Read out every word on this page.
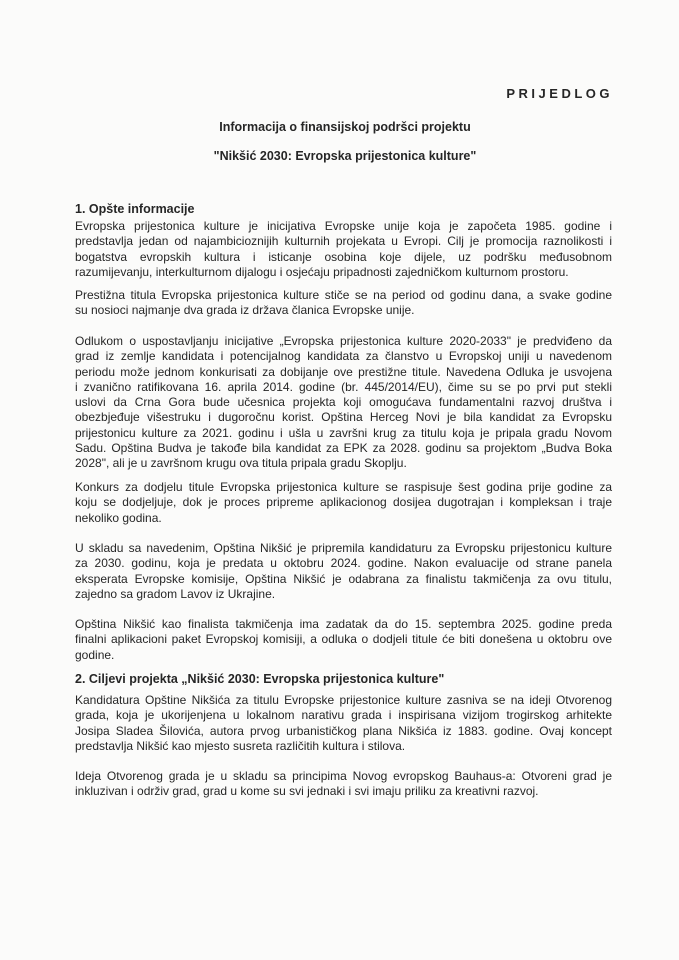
PRIJEDLOG
Informacija o finansijskoj podršci projektu
"Nikšić 2030: Evropska prijestonica kulture"
1. Opšte informacije
Evropska prijestonica kulture je inicijativa Evropske unije koja je započeta 1985. godine i
predstavlja jedan od najambicioznijih kulturnih projekata u Evropi. Cilj je promocija raznolikosti i
bogatstva evropskih kultura i isticanje osobina koje dijele, uz podršku međusobnom
razumijevanju, interkulturnom dijalogu i osjećaju pripadnosti zajedničkom kulturnom prostoru.
Prestižna titula Evropska prijestonica kulture stiče se na period od godinu dana, a svake godine
su nosioci najmanje dva grada iz država članica Evropske unije.
Odlukom o uspostavljanju inicijative „Evropska prijestonica kulture 2020-2033" je predviđeno da
grad iz zemlje kandidata i potencijalnog kandidata za članstvo u Evropskoj uniji u navedenom
periodu može jednom konkurisati za dobijanje ove prestižne titule. Navedena Odluka je usvojena
i zvanično ratifikovana 16. aprila 2014. godine (br. 445/2014/EU), čime su se po prvi put stekli
uslovi da Crna Gora bude učesnica projekta koji omogućava fundamentalni razvoj društva i
obezbjeđuje višestruku i dugoročnu korist. Opština Herceg Novi je bila kandidat za Evropsku
prijestonicu kulture za 2021. godinu i ušla u završni krug za titulu koja je pripala gradu Novom
Sadu. Opština Budva je takođe bila kandidat za EPK za 2028. godinu sa projektom „Budva Boka
2028", ali je u završnom krugu ova titula pripala gradu Skoplju.
Konkurs za dodjelu titule Evropska prijestonica kulture se raspisuje šest godina prije godine za
koju se dodjeljuje, dok je proces pripreme aplikacionog dosijea dugotrajan i kompleksan i traje
nekoliko godina.
U skladu sa navedenim, Opština Nikšić je pripremila kandidaturu za Evropsku prijestonicu kulture
za 2030. godinu, koja je predata u oktobru 2024. godine. Nakon evaluacije od strane panela
eksperata Evropske komisije, Opština Nikšić je odabrana za finalistu takmičenja za ovu titulu,
zajedno sa gradom Lavov iz Ukrajine.
Opština Nikšić kao finalista takmičenja ima zadatak da do 15. septembra 2025. godine preda
finalni aplikacioni paket Evropskoj komisiji, a odluka o dodjeli titule će biti donešena u oktobru ove
godine.
2. Ciljevi projekta „Nikšić 2030: Evropska prijestonica kulture"
Kandidatura Opštine Nikšića za titulu Evropske prijestonice kulture zasniva se na ideji Otvorenog
grada, koja je ukorijenjena u lokalnom narativu grada i inspirisana vizijom trogirskog arhitekte
Josipa Sladea Šilovića, autora prvog urbanističkog plana Nikšića iz 1883. godine. Ovaj koncept
predstavlja Nikšić kao mjesto susreta različitih kultura i stilova.
Ideja Otvorenog grada je u skladu sa principima Novog evropskog Bauhaus-a: Otvoreni grad je
inkluzivan i održiv grad, grad u kome su svi jednaki i svi imaju priliku za kreativni razvoj.
